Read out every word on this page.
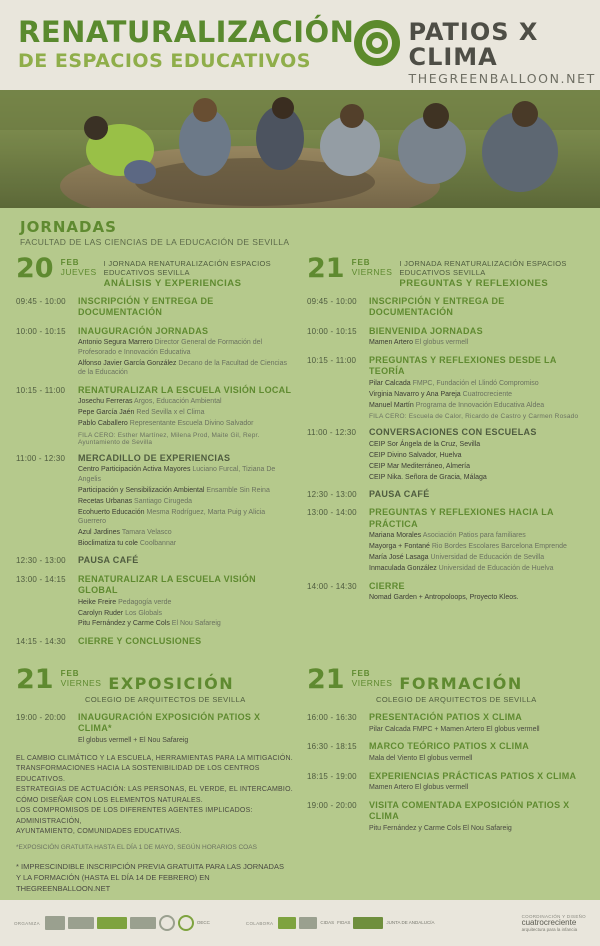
RENATURALIZACIÓN
DE ESPACIOS EDUCATIVOS
PATIOS X CLIMA
THEGREENBALLOON.NET
JORNADAS
FACULTAD DE LAS CIENCIAS DE LA EDUCACIÓN DE SEVILLA
20 FEB
JUEVES
I JORNADA RENATURALIZACIÓN ESPACIOS EDUCATIVOS SEVILLA
ANÁLISIS Y EXPERIENCIAS
09:45 - 10:00	INSCRIPCIÓN Y ENTREGA DE DOCUMENTACIÓN
10:00 - 10:15	INAUGURACIÓN JORNADAS
Antonio Segura Marrero Director General de Formación del Profesorado e Innovación Educativa
Alfonso Javier García González Decano de la Facultad de Ciencias de la Educación
10:15 - 11:00	RENATURALIZAR LA ESCUELA VISIÓN LOCAL
Josechu Ferreras Argos, Educación Ambiental
Pepe García Jaén Red Sevilla x el Clima
Pablo Caballero Representante Escuela Divino Salvador
FILA CERO: Esther Martínez, Milena Prod, Maite Gil, Repr. Ayuntamiento de Sevilla
11:00 - 12:30	MERCADILLO DE EXPERIENCIAS
Centro Participación Activa Mayores Luciano Furcal, Tiziana De Angelis
Participación y Sensibilización Ambiental Ensamble Sin Reina
Recetas Urbanas Santiago Cirugeda
Ecohuerto Educación Mesma Rodríguez, Marta Puig y Alicia Guerrero
Azul Jardines Tamara Velasco
Bioclimatiza tu cole Coolbannar
12:30 - 13:00	PAUSA CAFÉ
13:00 - 14:15	RENATURALIZAR LA ESCUELA VISIÓN GLOBAL
Heike Freire Pedagogía verde
Carolyn Ruder Los Globals
Pitu Fernández y Carme Cols El Nou Safareig
14:15 - 14:30	CIERRE Y CONCLUSIONES
21 FEB
VIERNES
I JORNADA RENATURALIZACIÓN ESPACIOS EDUCATIVOS SEVILLA
PREGUNTAS Y REFLEXIONES
09:45 - 10:00	INSCRIPCIÓN Y ENTREGA DE DOCUMENTACIÓN
10:00 - 10:15	BIENVENIDA JORNADAS
Mamen Artero El globus vermell
10:15 - 11:00	PREGUNTAS Y REFLEXIONES DESDE LA TEORÍA
Pilar Calcada FMPC, Fundación el Llindó Compromiso
Virginia Navarro y Ana Pareja Cuatrocreciente
Manuel Martín Programa de Innovación Educativa Aldea
FILA CERO: Escuela de Calor, Ricardo de Castro y Carmen Rosado
11:00 - 12:30	CONVERSACIONES CON ESCUELAS
CEIP Sor Ángela de la Cruz, Sevilla
CEIP Divino Salvador, Huelva
CEIP Mar Mediterráneo, Almería
CEIP Nika. Señora de Gracia, Málaga
12:30 - 13:00	PAUSA CAFÉ
13:00 - 14:00	PREGUNTAS Y REFLEXIONES HACIA LA PRÁCTICA
Mariana Morales Asociación Patios para familiares
Mayorga + Fontané Rio Bordes Escolares Barcelona Emprende
María José Lasaga Universidad de Educación de Sevilla
Inmaculada González Universidad de Educación de Huelva
14:00 - 14:30	CIERRE
Nomad Garden + Antropoloops, Proyecto Kleos.
21 FEB
VIERNES EXPOSICIÓN
COLEGIO DE ARQUITECTOS DE SEVILLA
19:00 - 20:00	INAUGURACIÓN EXPOSICIÓN PATIOS X CLIMA*
El globus vermell + El Nou Safareig
EL CAMBIO CLIMÁTICO Y LA ESCUELA, HERRAMIENTAS PARA LA MITIGACIÓN.
TRANSFORMACIONES HACIA LA SOSTENIBILIDAD DE LOS CENTROS EDUCATIVOS.
ESTRATEGIAS DE ACTUACIÓN: LAS PERSONAS, EL VERDE, EL INTERCAMBIO.
CÓMO DISEÑAR CON LOS ELEMENTOS NATURALES.
LOS COMPROMISOS DE LOS DIFERENTES AGENTES IMPLICADOS: ADMINISTRACIÓN,
AYUNTAMIENTO, COMUNIDADES EDUCATIVAS.
*EXPOSICIÓN GRATUITA HASTA EL DÍA 1 DE MAYO, SEGÚN HORARIOS COAS
* IMPRESCINDIBLE INSCRIPCIÓN PREVIA GRATUITA PARA LAS JORNADAS
Y LA FORMACIÓN (HASTA EL DÍA 14 DE FEBRERO) EN THEGREENBALLOON.NET
21 FEB
VIERNES FORMACIÓN
COLEGIO DE ARQUITECTOS DE SEVILLA
16:00 - 16:30	PRESENTACIÓN PATIOS X CLIMA
Pilar Calcada FMPC + Mamen Artero El globus vermell
16:30 - 18:15	MARCO TEÓRICO PATIOS X CLIMA
Mala del Viento El globus vermell
18:15 - 19:00	EXPERIENCIAS PRÁCTICAS PATIOS X CLIMA
Mamen Artero El globus vermell
19:00 - 20:00	VISITA COMENTADA EXPOSICIÓN PATIOS X CLIMA
Pitu Fernández y Carme Cols El Nou Safareig
ORGANIZA	OECC	COLABORA	CIDAS FIDAS	JUNTA DE ANDALUCÍA
COORDINACIÓN Y DISEÑO
cuatrocreciente
arquitectura para la infancia
